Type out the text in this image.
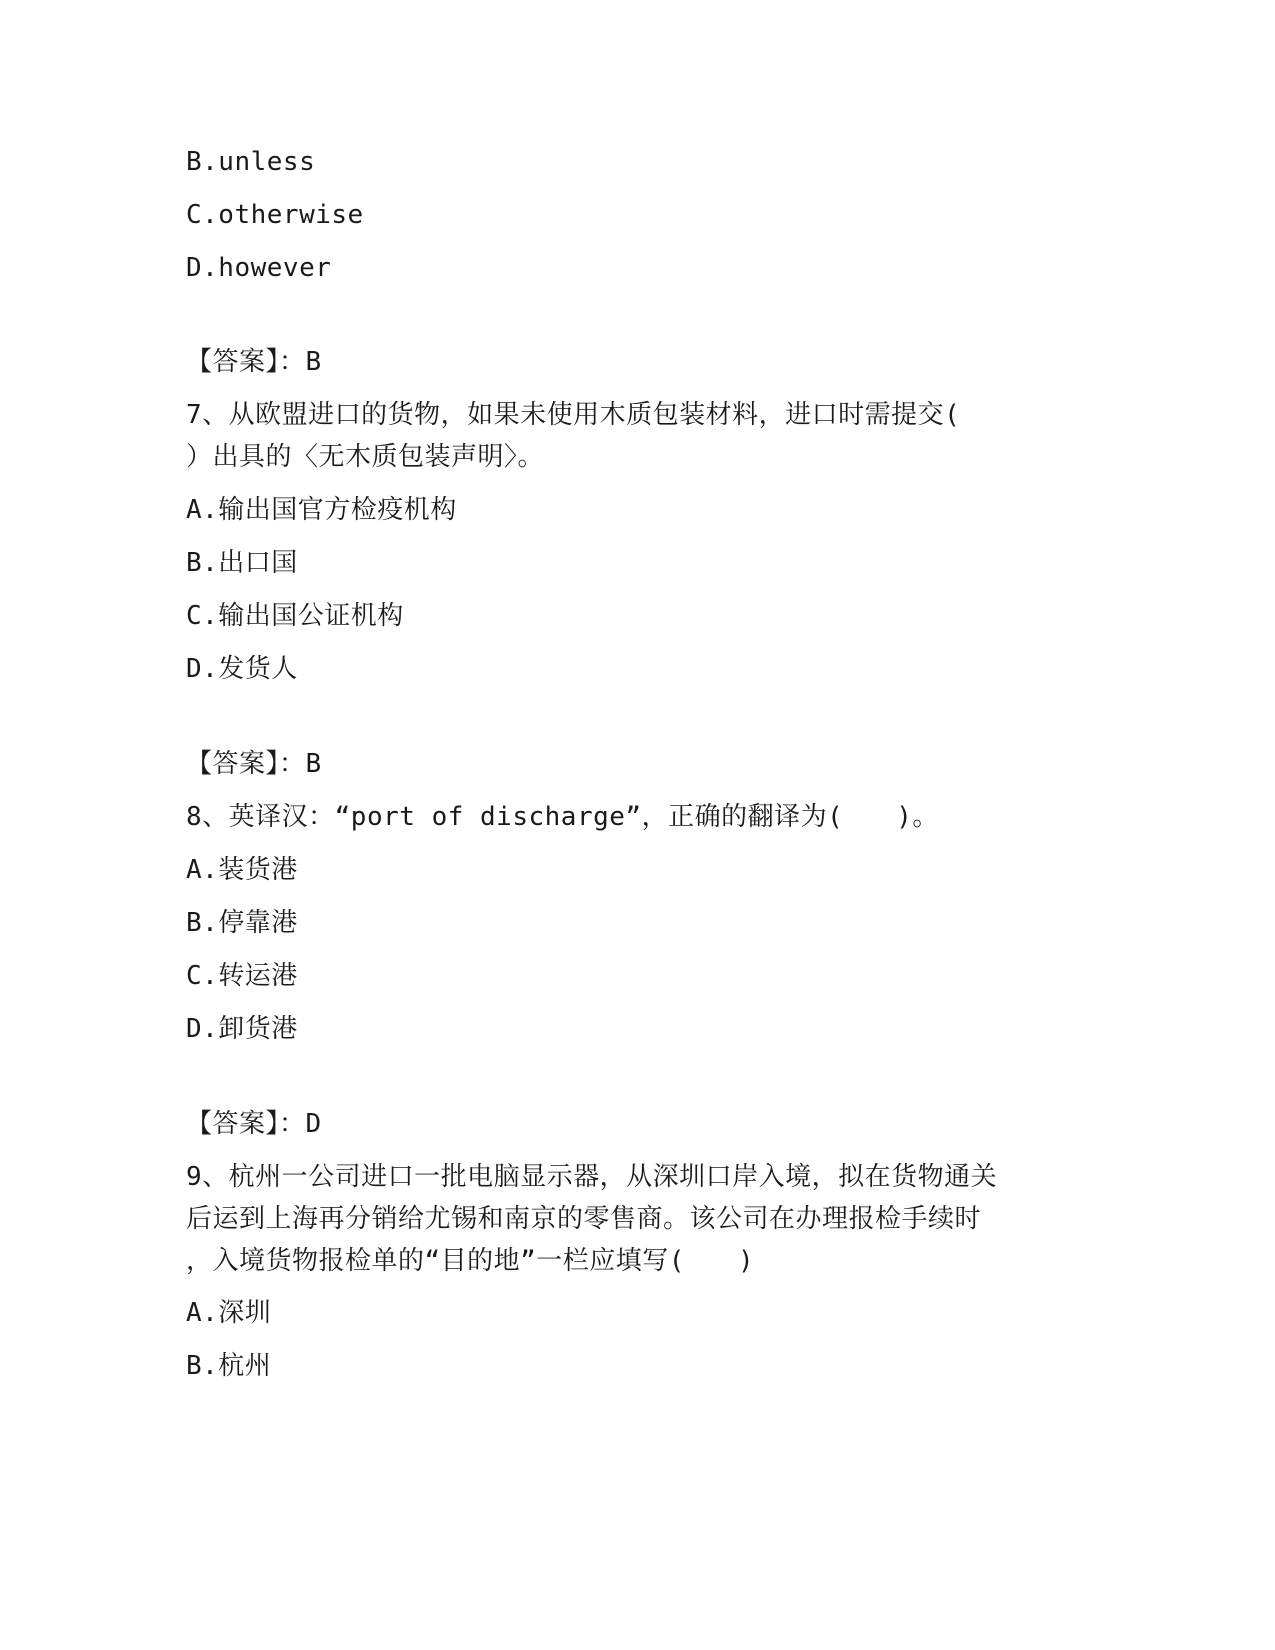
B.unless
C.otherwise
D.however
【答案】：B
7、从欧盟进口的货物，如果未使用木质包装材料，进口时需提交(
）出具的〈无木质包装声明〉。
A.输出国官方检疫机构
B.出口国
C.输出国公证机构
D.发货人
【答案】：B
8、英译汉：“port of discharge”，正确的翻译为(　　)。
A.装货港
B.停靠港
C.转运港
D.卸货港
【答案】：D
9、杭州一公司进口一批电脑显示器，从深圳口岸入境，拟在货物通关
后运到上海再分销给尤锡和南京的零售商。该公司在办理报检手续时
，入境货物报检单的“目的地”一栏应填写(　　)
A.深圳
B.杭州
